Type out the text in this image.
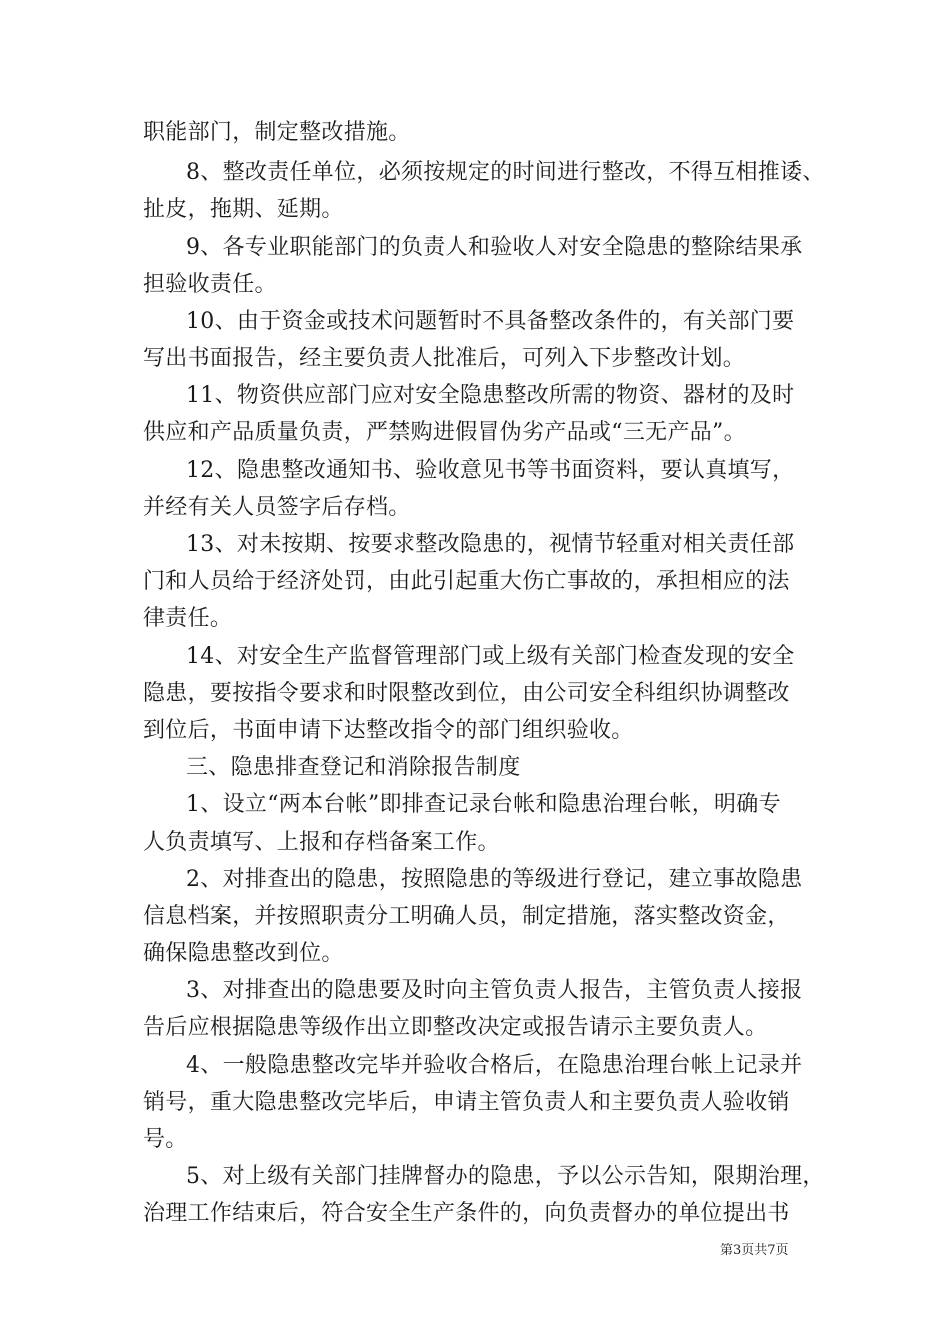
职能部门，制定整改措施。
8、整改责任单位，必须按规定的时间进行整改，不得互相推诿、
扯皮，拖期、延期。
9、各专业职能部门的负责人和验收人对安全隐患的整除结果承
担验收责任。
10、由于资金或技术问题暂时不具备整改条件的，有关部门要
写出书面报告，经主要负责人批准后，可列入下步整改计划。
11、物资供应部门应对安全隐患整改所需的物资、器材的及时
供应和产品质量负责，严禁购进假冒伪劣产品或“三无产品”。
12、隐患整改通知书、验收意见书等书面资料，要认真填写，
并经有关人员签字后存档。
13、对未按期、按要求整改隐患的，视情节轻重对相关责任部
门和人员给于经济处罚，由此引起重大伤亡事故的，承担相应的法
律责任。
14、对安全生产监督管理部门或上级有关部门检查发现的安全
隐患，要按指令要求和时限整改到位，由公司安全科组织协调整改
到位后，书面申请下达整改指令的部门组织验收。
三、隐患排查登记和消除报告制度
1、设立“两本台帐”即排查记录台帐和隐患治理台帐，明确专
人负责填写、上报和存档备案工作。
2、对排查出的隐患，按照隐患的等级进行登记，建立事故隐患
信息档案，并按照职责分工明确人员，制定措施，落实整改资金，
确保隐患整改到位。
3、对排查出的隐患要及时向主管负责人报告，主管负责人接报
告后应根据隐患等级作出立即整改决定或报告请示主要负责人。
4、一般隐患整改完毕并验收合格后，在隐患治理台帐上记录并
销号，重大隐患整改完毕后，申请主管负责人和主要负责人验收销
号。
5、对上级有关部门挂牌督办的隐患，予以公示告知，限期治理，
治理工作结束后，符合安全生产条件的，向负责督办的单位提出书
第3页共7页
